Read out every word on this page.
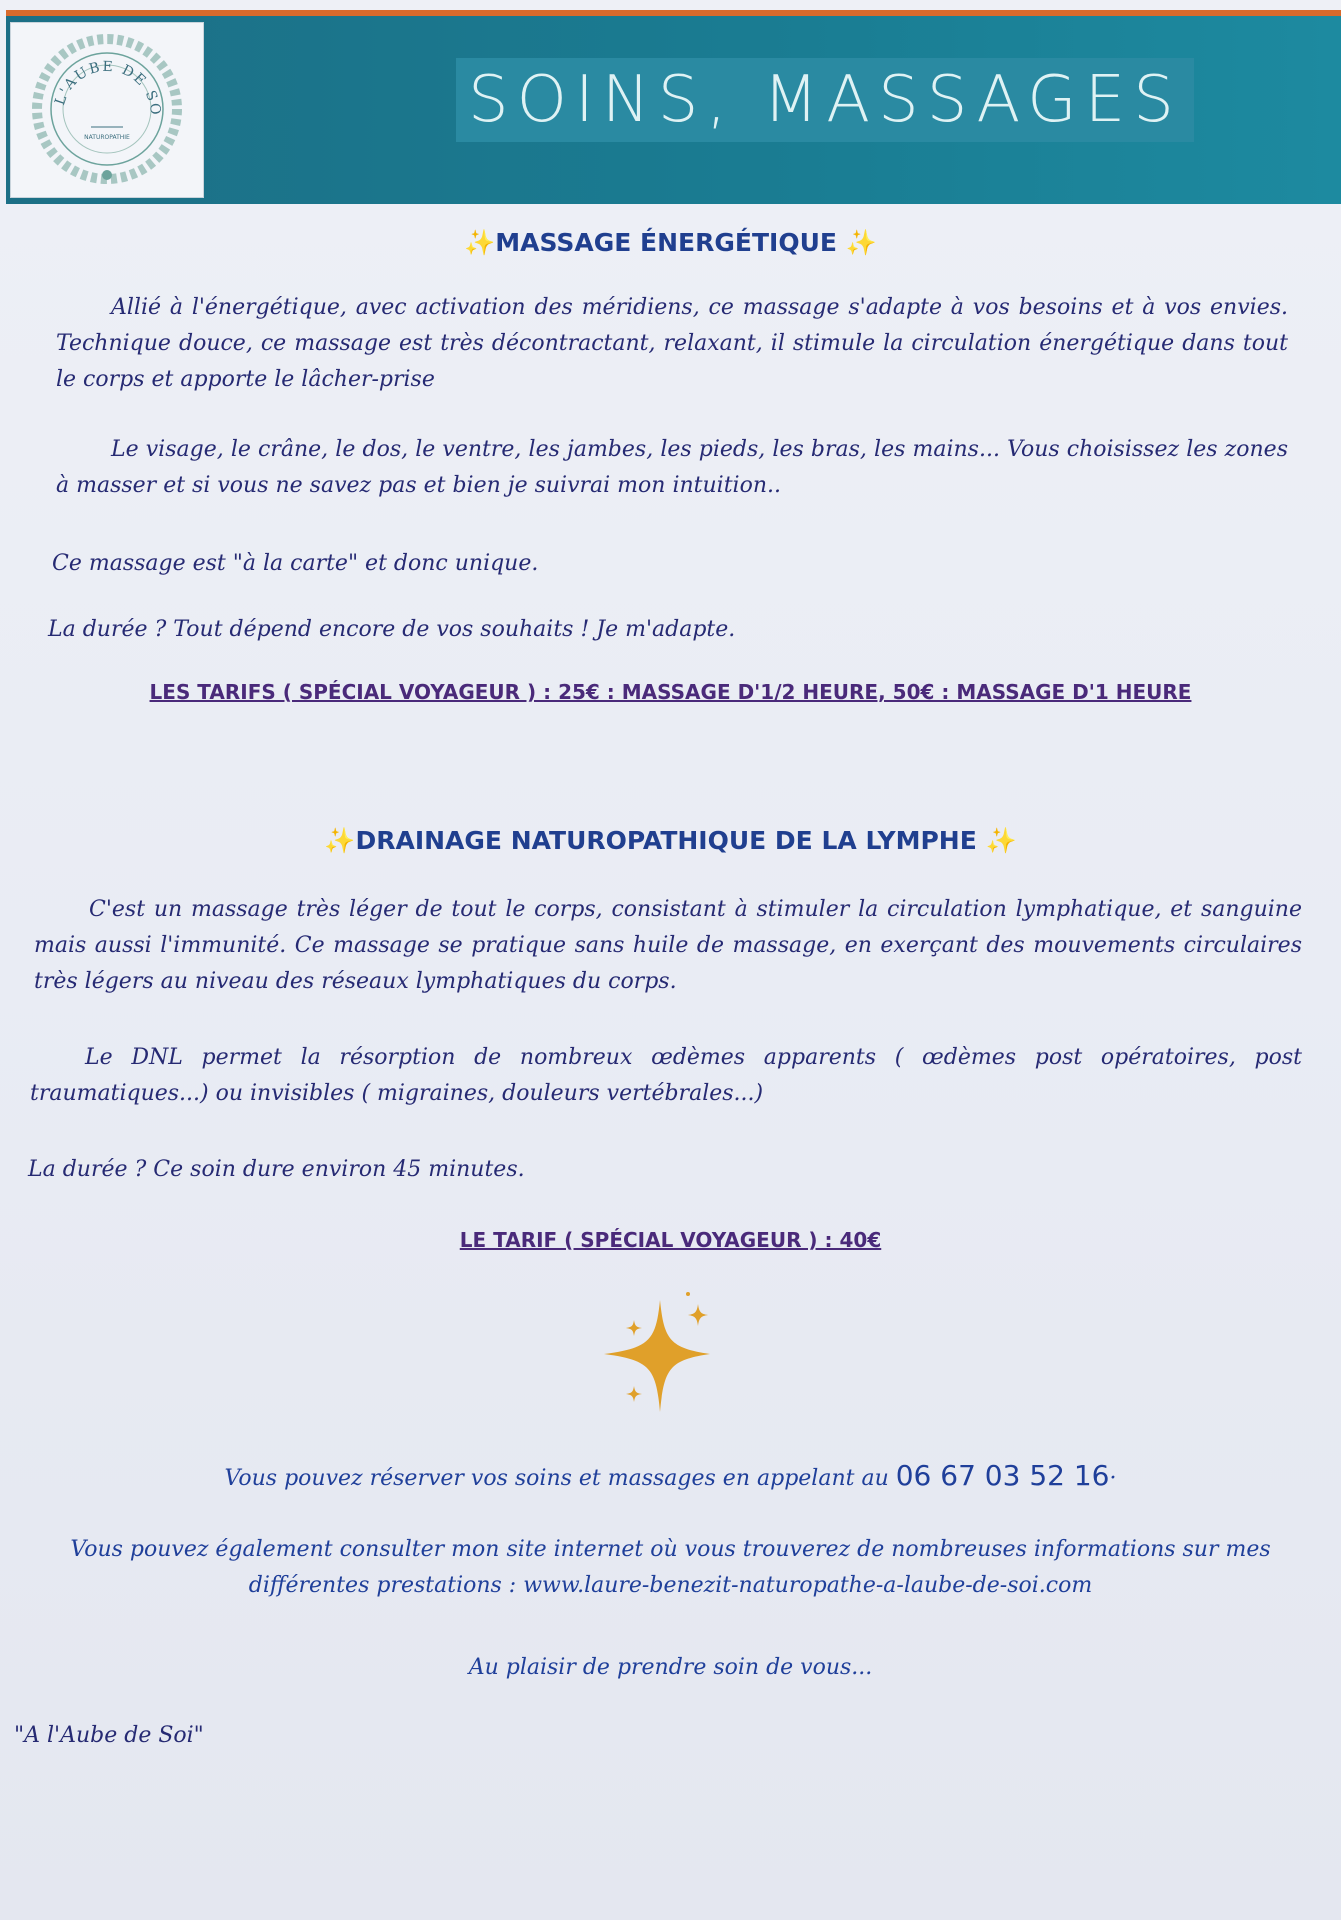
L'AUBE DE SO
NATUROPATHIE
SOINS, MASSAGES
✨MASSAGE ÉNERGÉTIQUE ✨

Allié à l'énergétique, avec activation des méridiens, ce massage s'adapte à vos besoins et à vos envies. Technique douce, ce massage est très décontractant, relaxant, il stimule la circulation énergétique dans tout le corps et apporte le lâcher-prise

Le visage, le crâne, le dos, le ventre, les jambes, les pieds, les bras, les mains... Vous choisissez les zones à masser et si vous ne savez pas et bien je suivrai mon intuition..

Ce massage est "à la carte" et donc unique.

La durée ? Tout dépend encore de vos souhaits ! Je m'adapte.

LES TARIFS ( SPÉCIAL VOYAGEUR ) : 25€ : MASSAGE D'1/2 HEURE, 50€ : MASSAGE D'1 HEURE
✨DRAINAGE NATUROPATHIQUE DE LA LYMPHE ✨

C'est un massage très léger de tout le corps, consistant à stimuler la circulation lymphatique, et sanguine mais aussi l'immunité. Ce massage se pratique sans huile de massage, en exerçant des mouvements circulaires très légers au niveau des réseaux lymphatiques du corps.

Le DNL permet la résorption de nombreux œdèmes apparents ( œdèmes post opératoires, post traumatiques...) ou invisibles ( migraines, douleurs vertébrales...)

La durée ? Ce soin dure environ 45 minutes.

LE TARIF ( SPÉCIAL VOYAGEUR ) : 40€
Vous pouvez réserver vos soins et massages en appelant au 06 67 03 52 16·
Vous pouvez également consulter mon site internet où vous trouverez de nombreuses informations sur mes différentes prestations : www.laure-benezit-naturopathe-a-laube-de-soi.com
Au plaisir de prendre soin de vous...

"A l'Aube de Soi"
